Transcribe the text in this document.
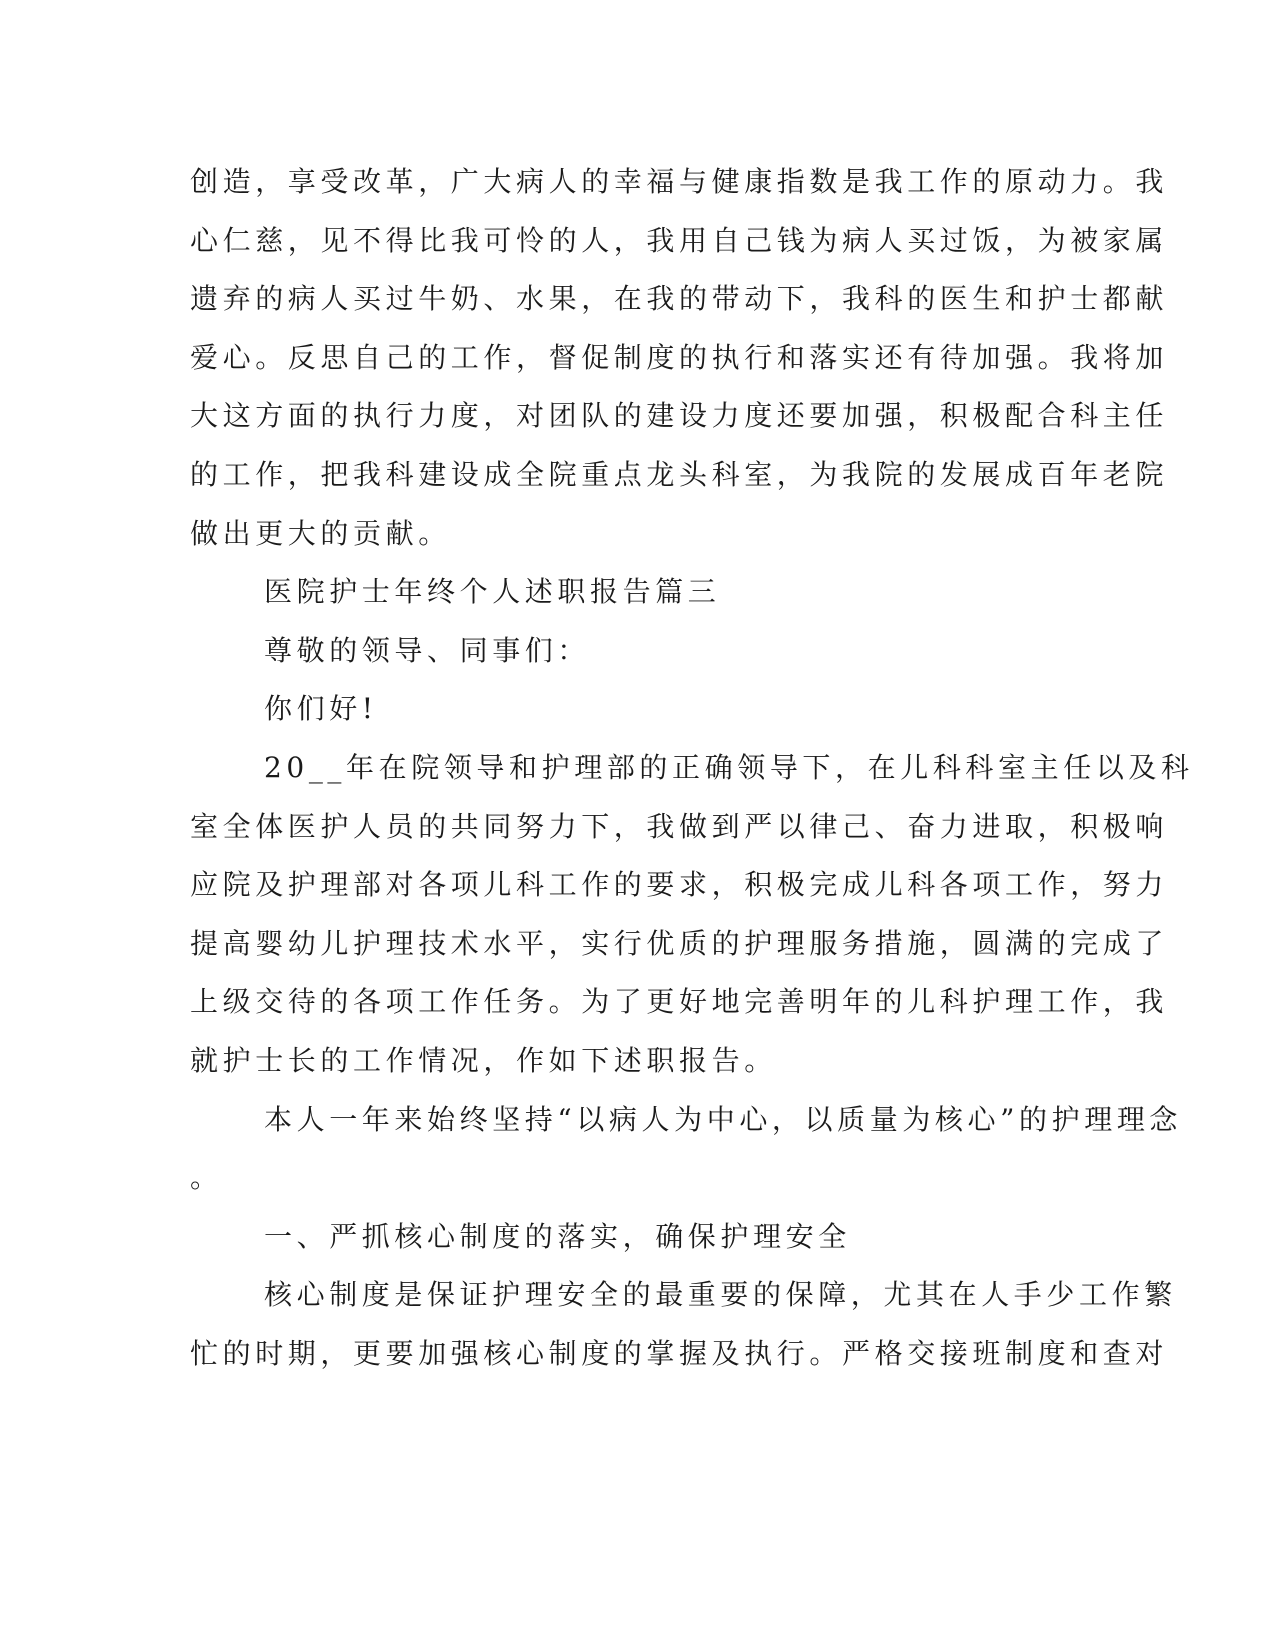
创造，享受改革，广大病人的幸福与健康指数是我工作的原动力。我
心仁慈，见不得比我可怜的人，我用自己钱为病人买过饭，为被家属
遗弃的病人买过牛奶、水果，在我的带动下，我科的医生和护士都献
爱心。反思自己的工作，督促制度的执行和落实还有待加强。我将加
大这方面的执行力度，对团队的建设力度还要加强，积极配合科主任
的工作，把我科建设成全院重点龙头科室，为我院的发展成百年老院
做出更大的贡献。
医院护士年终个人述职报告篇三
尊敬的领导、同事们：
你们好!
20__年在院领导和护理部的正确领导下，在儿科科室主任以及科
室全体医护人员的共同努力下，我做到严以律己、奋力进取，积极响
应院及护理部对各项儿科工作的要求，积极完成儿科各项工作，努力
提高婴幼儿护理技术水平，实行优质的护理服务措施，圆满的完成了
上级交待的各项工作任务。为了更好地完善明年的儿科护理工作，我
就护士长的工作情况，作如下述职报告。
本人一年来始终坚持“以病人为中心，以质量为核心”的护理理念
。
一、严抓核心制度的落实，确保护理安全
核心制度是保证护理安全的最重要的保障，尤其在人手少工作繁
忙的时期，更要加强核心制度的掌握及执行。严格交接班制度和查对
